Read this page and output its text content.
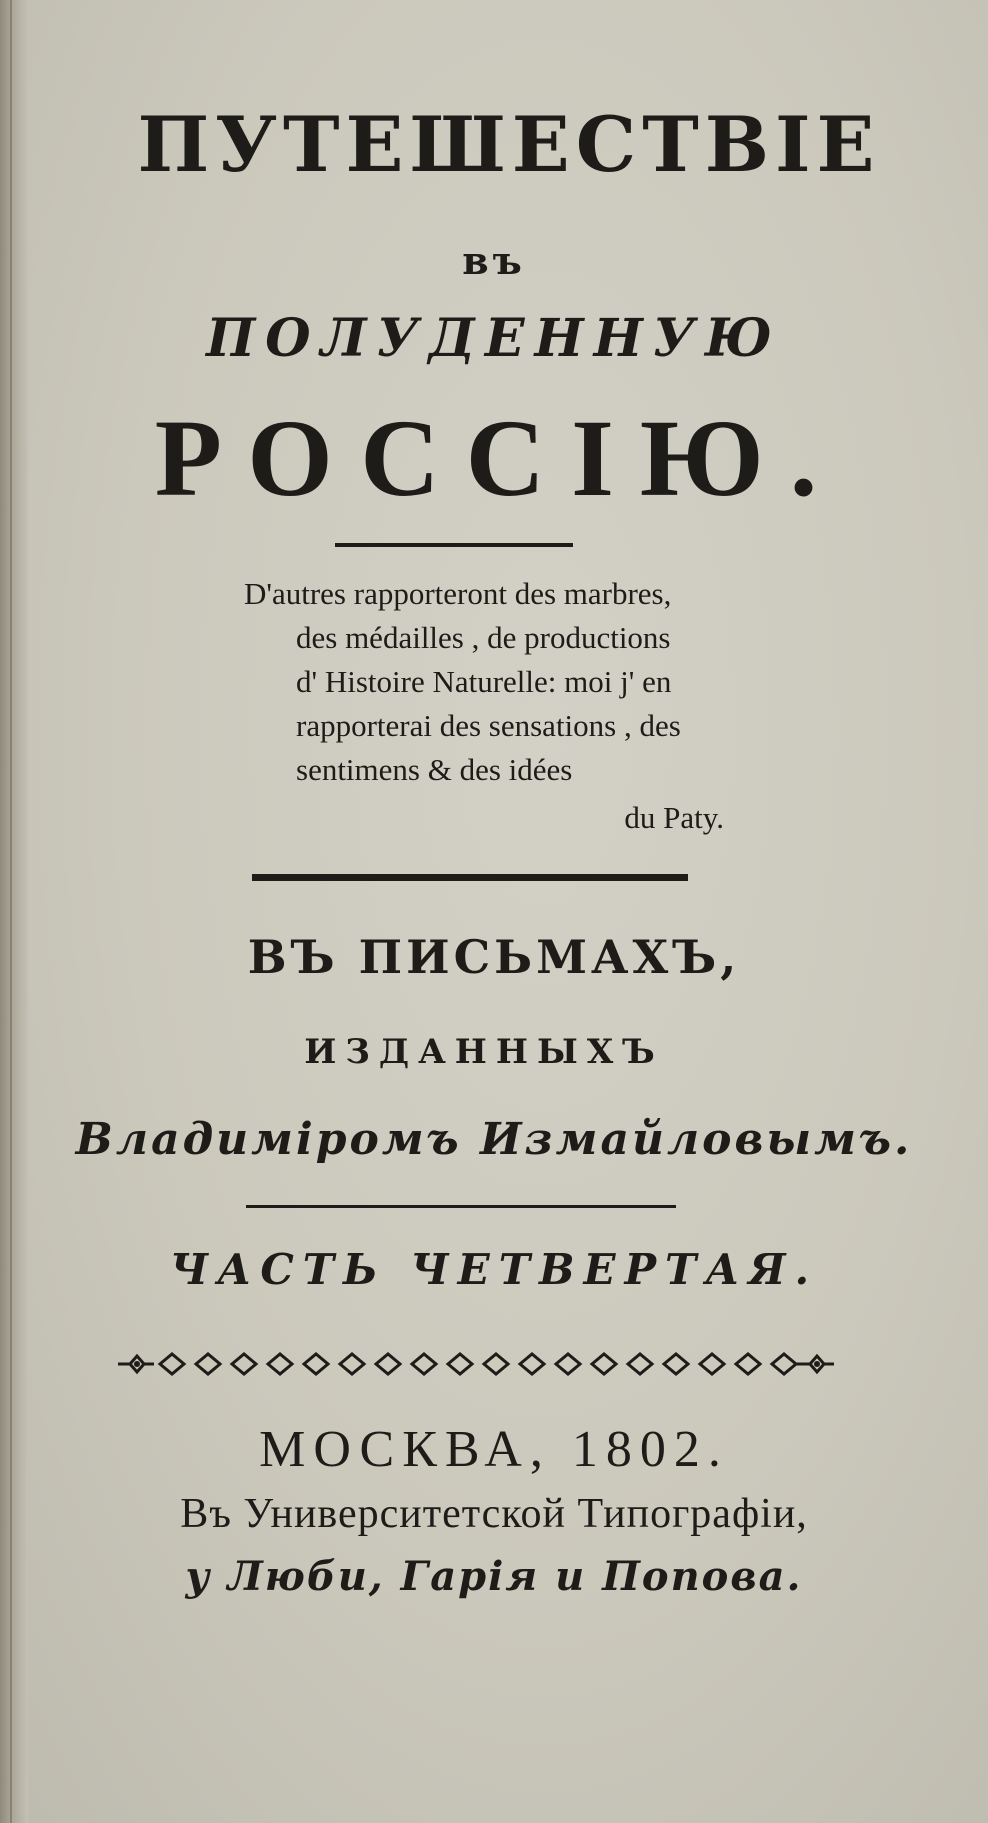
ПУТЕШЕСТВІЕ
въ
ПОЛУДЕННУЮ
РОССІЮ.
D'autres rapporteront des marbres,
des médailles , de productions
d' Histoire Naturelle: moi j' en
rapporterai des sensations , des
sentimens & des idées
du Paty.
ВЪ ПИСЬМАХЪ,
ИЗДАННЫХЪ
Владиміромъ Измайловымъ.
ЧАСТЬ ЧЕТВЕРТАЯ.
МОСКВА, 1802.
Въ Университетской Типографіи,
у Люби, Гарія и Попова.
